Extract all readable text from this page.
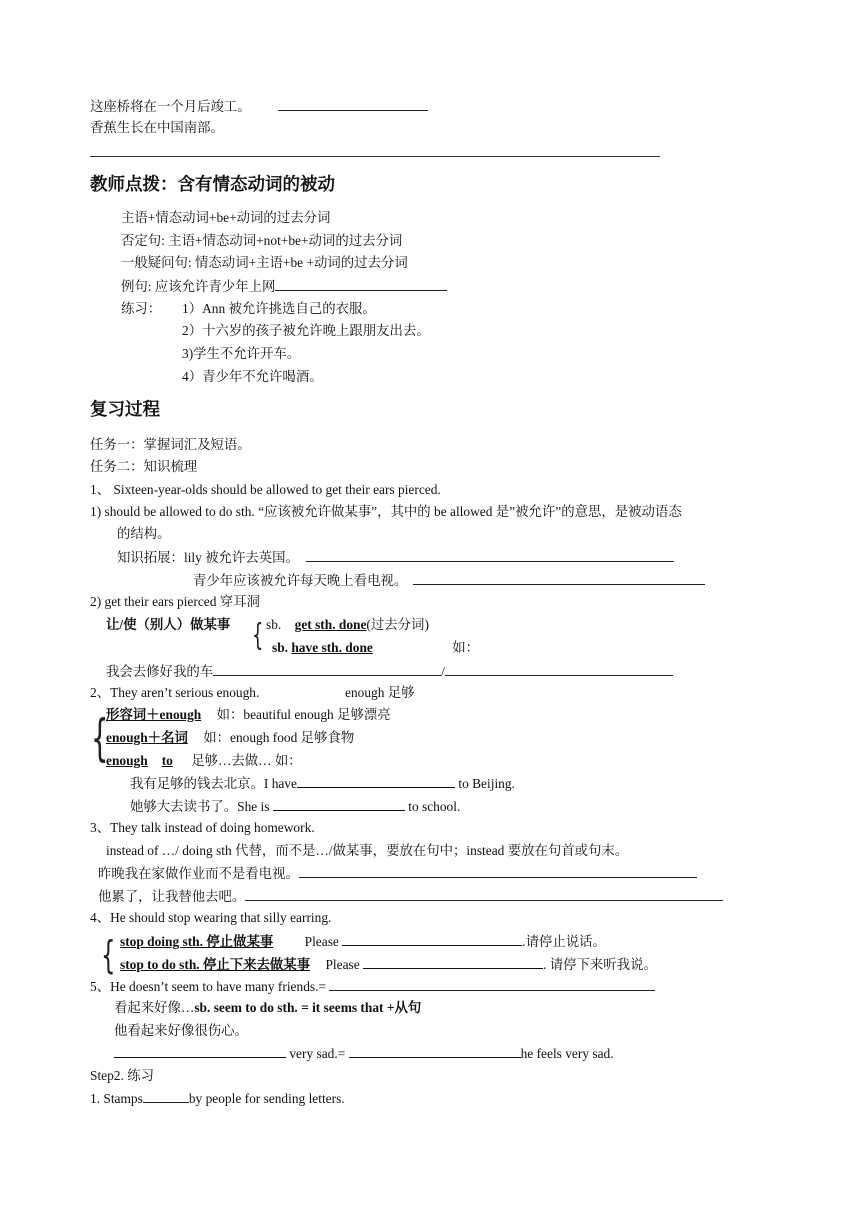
这座桥将在一个月后竣工。
香蕉生长在中国南部。
教师点拨：含有情态动词的被动
主语+情态动词+be+动词的过去分词
否定句: 主语+情态动词+not+be+动词的过去分词
一般疑问句: 情态动词+主语+be +动词的过去分词
例句: 应该允许青少年上网
练习： 1）Ann 被允许挑选自己的衣服。
2）十六岁的孩子被允许晚上跟朋友出去。
3)学生不允许开车。
4）青少年不允许喝酒。
复习过程
任务一：掌握词汇及短语。
任务二：知识梳理
1、 Sixteen-year-olds should be allowed to get their ears pierced.
1) should be allowed to do sth. “应该被允许做某事”，其中的 be allowed 是”被允许”的意思，是被动语态
的结构。
知识拓展：lily 被允许去英国。
青少年应该被允许每天晚上看电视。
2) get their ears pierced 穿耳洞
让/使（别人）做某事 { sb. get sth. done(过去分词)
sb. have sth. done	如：
我会去修好我的车	/
2、They aren’t serious enough.	enough 足够
{
形容词＋enough 如：beautiful enough 足够漂亮
enough＋名词 如：enough food 足够食物
enough to 足够…去做… 如：
我有足够的钱去北京。I have	to Beijing.
她够大去读书了。She is	to school.
3、They talk instead of doing homework.
instead of …/ doing sth 代替，而不是…/做某事，要放在句中；instead 要放在句首或句末。
昨晚我在家做作业而不是看电视。
他累了，让我替他去吧。
4、He should stop wearing that silly earring.
{ stop doing sth. 停止做某事 Please	.请停止说话。
stop to do sth. 停止下来去做某事 Please	. 请停下来听我说。
5、He doesn’t seem to have many friends.=
看起来好像…sb. seem to do sth. = it seems that +从句
他看起来好像很伤心。
very sad.=	he feels very sad.
Step2. 练习
1. Stamps	by people for sending letters.
